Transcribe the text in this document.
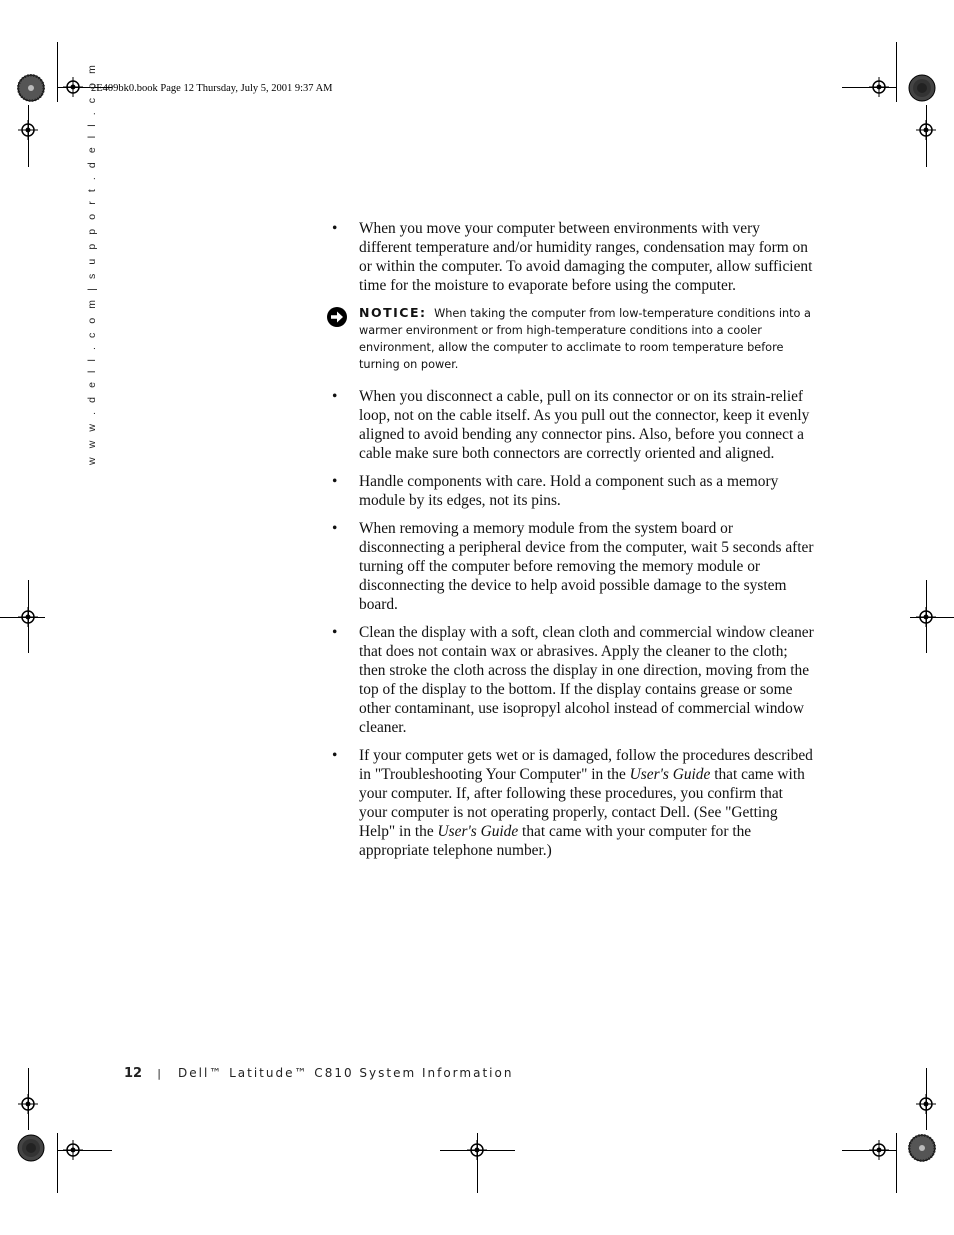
2E409bk0.book Page 12 Thursday, July 5, 2001 9:37 AM
w w w . d e l l . c o m | s u p p o r t . d e l l . c o m	• When you move your computer between environments with very different temperature and/or humidity ranges, condensation may form on or within the computer. To avoid damaging the computer, allow sufficient time for the moisture to evaporate before using the computer.
NOTICE: When taking the computer from low-temperature conditions into a warmer environment or from high-temperature conditions into a cooler environment, allow the computer to acclimate to room temperature before turning on power.
• When you disconnect a cable, pull on its connector or on its strain-relief loop, not on the cable itself. As you pull out the connector, keep it evenly aligned to avoid bending any connector pins. Also, before you connect a cable make sure both connectors are correctly oriented and aligned.
• Handle components with care. Hold a component such as a memory module by its edges, not its pins.
• When removing a memory module from the system board or disconnecting a peripheral device from the computer, wait 5 seconds after turning off the computer before removing the memory module or disconnecting the device to help avoid possible damage to the system board.
• Clean the display with a soft, clean cloth and commercial window cleaner that does not contain wax or abrasives. Apply the cleaner to the cloth; then stroke the cloth across the display in one direction, moving from the top of the display to the bottom. If the display contains grease or some other contaminant, use isopropyl alcohol instead of commercial window cleaner.
• If your computer gets wet or is damaged, follow the procedures described in "Troubleshooting Your Computer" in the User's Guide that came with your computer. If, after following these procedures, you confirm that your computer is not operating properly, contact Dell. (See "Getting Help" in the User's Guide that came with your computer for the appropriate telephone number.)
12 | Dell™ Latitude™ C810 System Information
